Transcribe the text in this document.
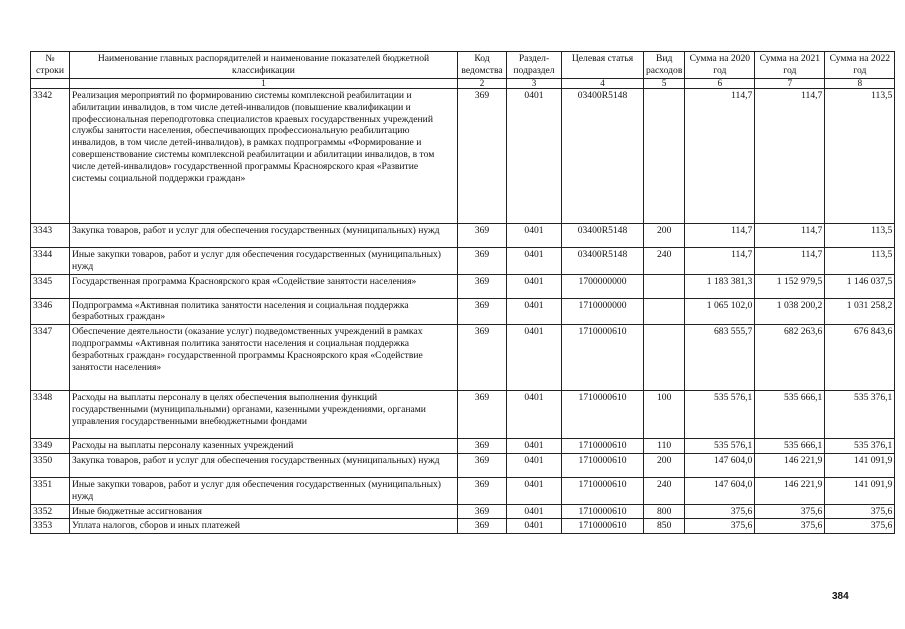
№ строки	Наименование главных распорядителей и наименование показателей бюджетной классификации	Код ведомства	Раздел-подраздел	Целевая статья	Вид расходов	Сумма на 2020 год	Сумма на 2021 год	Сумма на 2022 год
	1	2	3	4	5	6	7	8
3342	Реализация мероприятий по формированию системы комплексной реабилитации и абилитации инвалидов, в том числе детей-инвалидов (повышение квалификации и профессиональная переподготовка специалистов краевых государственных учреждений службы занятости населения, обеспечивающих профессиональную реабилитацию инвалидов, в том числе детей-инвалидов), в рамках подпрограммы «Формирование и совершенствование системы комплексной реабилитации и абилитации инвалидов, в том числе детей-инвалидов» государственной программы Красноярского края «Развитие системы социальной поддержки граждан»	369	0401	03400R5148		114,7	114,7	113,5
3343	Закупка товаров, работ и услуг для обеспечения государственных (муниципальных) нужд	369	0401	03400R5148	200	114,7	114,7	113,5
3344	Иные закупки товаров, работ и услуг для обеспечения государственных (муниципальных) нужд	369	0401	03400R5148	240	114,7	114,7	113,5
3345	Государственная программа Красноярского края «Содействие занятости населения»	369	0401	1700000000		1 183 381,3	1 152 979,5	1 146 037,5
3346	Подпрограмма «Активная политика занятости населения и социальная поддержка безработных граждан»	369	0401	1710000000		1 065 102,0	1 038 200,2	1 031 258,2
3347	Обеспечение деятельности (оказание услуг) подведомственных учреждений в рамках подпрограммы «Активная политика занятости населения и социальная поддержка безработных граждан» государственной программы Красноярского края «Содействие занятости населения»	369	0401	1710000610		683 555,7	682 263,6	676 843,6
3348	Расходы на выплаты персоналу в целях обеспечения выполнения функций государственными (муниципальными) органами, казенными учреждениями, органами управления государственными внебюджетными фондами	369	0401	1710000610	100	535 576,1	535 666,1	535 376,1
3349	Расходы на выплаты персоналу казенных учреждений	369	0401	1710000610	110	535 576,1	535 666,1	535 376,1
3350	Закупка товаров, работ и услуг для обеспечения государственных (муниципальных) нужд	369	0401	1710000610	200	147 604,0	146 221,9	141 091,9
3351	Иные закупки товаров, работ и услуг для обеспечения государственных (муниципальных) нужд	369	0401	1710000610	240	147 604,0	146 221,9	141 091,9
3352	Иные бюджетные ассигнования	369	0401	1710000610	800	375,6	375,6	375,6
3353	Уплата налогов, сборов и иных платежей	369	0401	1710000610	850	375,6	375,6	375,6
384
